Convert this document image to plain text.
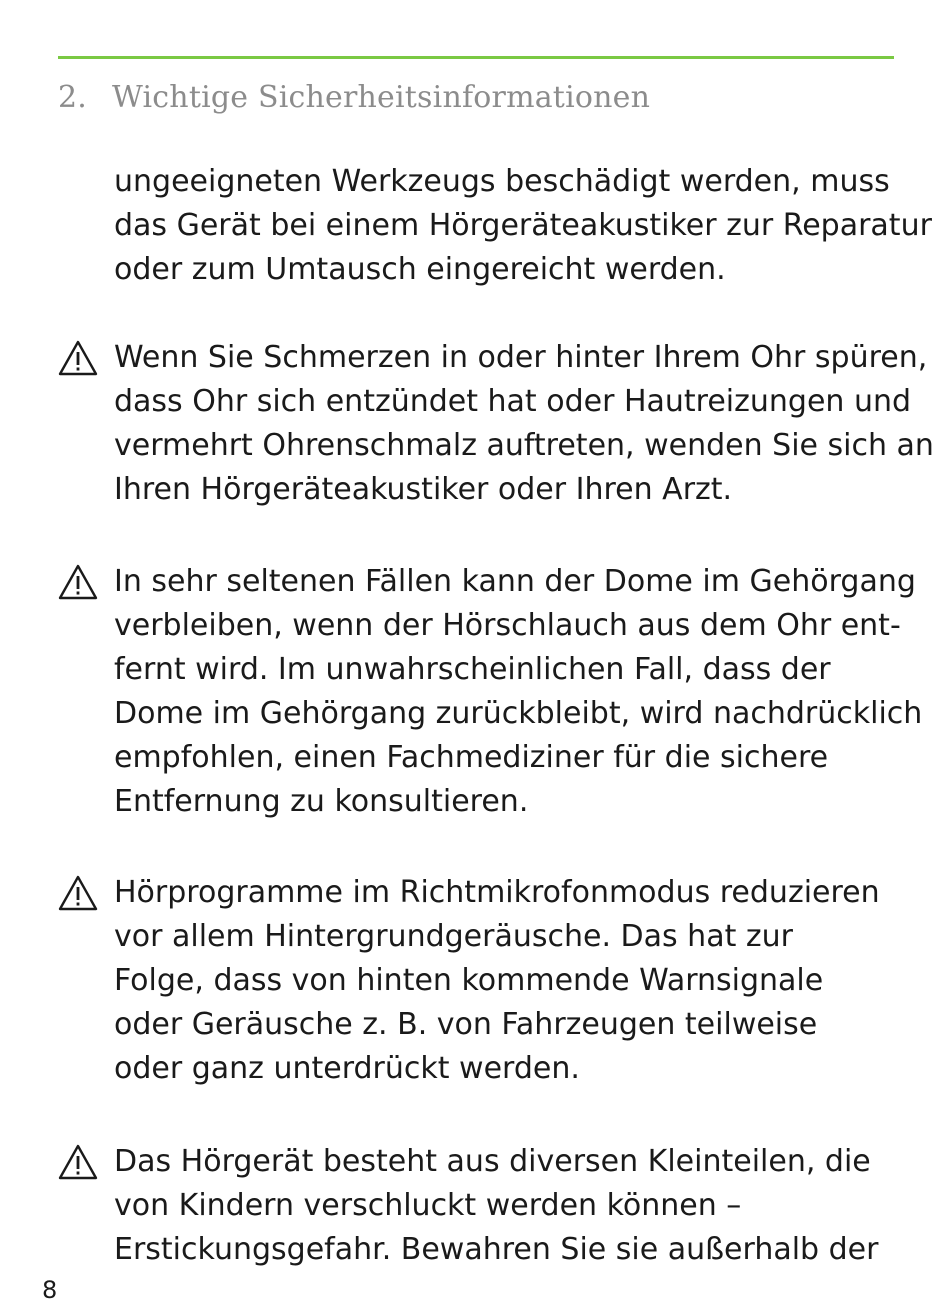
2. Wichtige Sicherheitsinformationen
ungeeigneten Werkzeugs beschädigt werden, muss
das Gerät bei einem Hörgeräteakustiker zur Reparatur
oder zum Umtausch eingereicht werden.
Wenn Sie Schmerzen in oder hinter Ihrem Ohr spüren,
dass Ohr sich entzündet hat oder Hautreizungen und
vermehrt Ohrenschmalz auftreten, wenden Sie sich an
Ihren Hörgeräteakustiker oder Ihren Arzt.
In sehr seltenen Fällen kann der Dome im Gehörgang
verbleiben, wenn der Hörschlauch aus dem Ohr ent-
fernt wird. Im unwahrscheinlichen Fall, dass der
Dome im Gehörgang zurückbleibt, wird nachdrücklich
empfohlen, einen Fachmediziner für die sichere
Entfernung zu konsultieren.
Hörprogramme im Richtmikrofonmodus reduzieren
vor allem Hintergrundgeräusche. Das hat zur
Folge, dass von hinten kommende Warnsignale
oder Geräusche z. B. von Fahrzeugen teilweise
oder ganz unterdrückt werden.
Das Hörgerät besteht aus diversen Kleinteilen, die
von Kindern verschluckt werden können –
Erstickungsgefahr. Bewahren Sie sie außerhalb der
8
